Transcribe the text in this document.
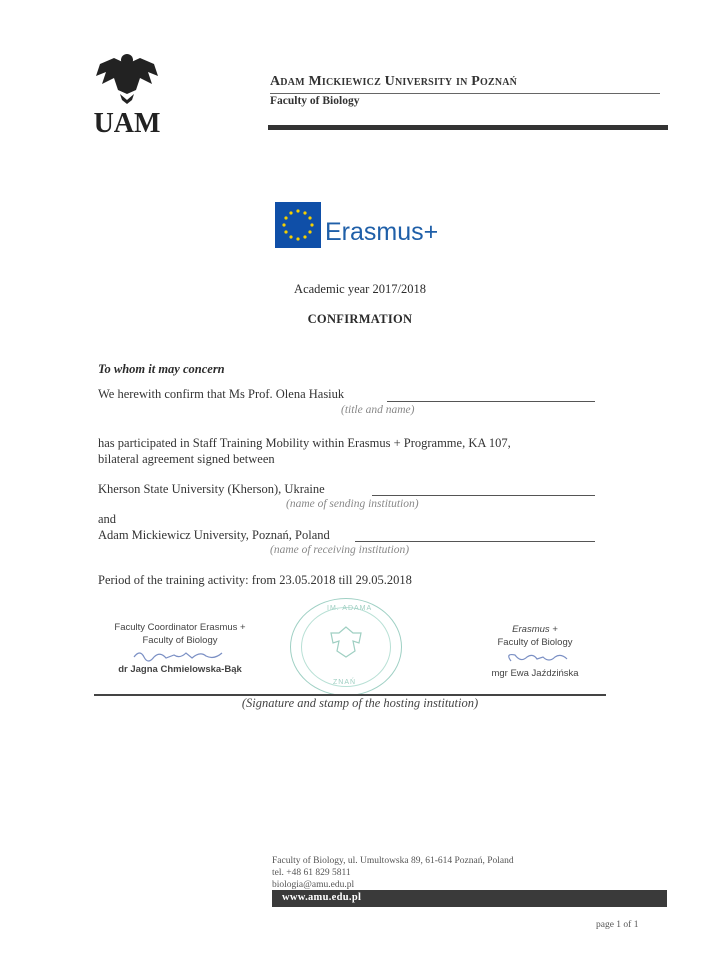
UAM
Adam Mickiewicz University in Poznań
Faculty of Biology
Erasmus+
Academic year 2017/2018
CONFIRMATION
To whom it may concern
We herewith confirm that Ms Prof. Olena Hasiuk
(title and name)
has participated in Staff Training Mobility within Erasmus + Programme, KA 107,
bilateral agreement signed between
Kherson State University (Kherson), Ukraine
(name of sending institution)
and
Adam Mickiewicz University, Poznań, Poland
(name of receiving institution)
Period of the training activity: from 23.05.2018 till 29.05.2018
Faculty Coordinator Erasmus +
Faculty of Biology
dr Jagna Chmielowska-Bąk
IM. ADAMA
ZNAŃ
Erasmus +
Faculty of Biology
mgr Ewa Jaździńska
(Signature and stamp of the hosting institution)
Faculty of Biology, ul. Umultowska 89, 61-614 Poznań, Poland
tel. +48 61 829 5811
biologia@amu.edu.pl
www.amu.edu.pl
page 1 of 1
